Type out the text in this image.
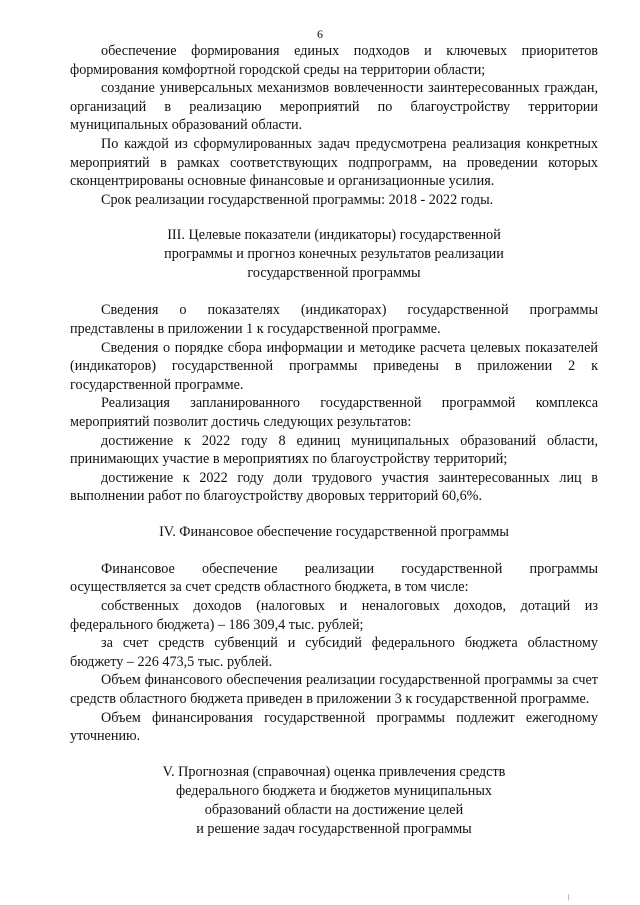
6

обеспечение формирования единых подходов и ключевых приоритетов формирования комфортной городской среды на территории области;

создание универсальных механизмов вовлеченности заинтересованных граждан, организаций в реализацию мероприятий по благоустройству территории муниципальных образований области.

По каждой из сформулированных задач предусмотрена реализация конкретных мероприятий в рамках соответствующих подпрограмм, на проведении которых сконцентрированы основные финансовые и организационные усилия.

Срок реализации государственной программы: 2018 - 2022 годы.

III. Целевые показатели (индикаторы) государственной

программы и прогноз конечных результатов реализации

государственной программы

Сведения о показателях (индикаторах) государственной программы представлены в приложении 1 к государственной программе.

Сведения о порядке сбора информации и методике расчета целевых показателей (индикаторов) государственной программы приведены в приложении 2 к государственной программе.

Реализация запланированного государственной программой комплекса мероприятий позволит достичь следующих результатов:

достижение к 2022 году 8 единиц муниципальных образований области, принимающих участие в мероприятиях по благоустройству территорий;

достижение к 2022 году доли трудового участия заинтересованных лиц в выполнении работ по благоустройству дворовых территорий 60,6%.

IV. Финансовое обеспечение государственной программы

Финансовое обеспечение реализации государственной программы осуществляется за счет средств областного бюджета, в том числе:

собственных доходов (налоговых и неналоговых доходов, дотаций из федерального бюджета) – 186 309,4 тыс. рублей;

за счет средств субвенций и субсидий федерального бюджета областному бюджету – 226 473,5 тыс. рублей.

Объем финансового обеспечения реализации государственной программы за счет средств областного бюджета приведен в приложении 3 к государственной программе.

Объем финансирования государственной программы подлежит ежегодному уточнению.

V. Прогнозная (справочная) оценка привлечения средств

федерального бюджета и бюджетов муниципальных

образований области на достижение целей

и решение задач государственной программы

|
